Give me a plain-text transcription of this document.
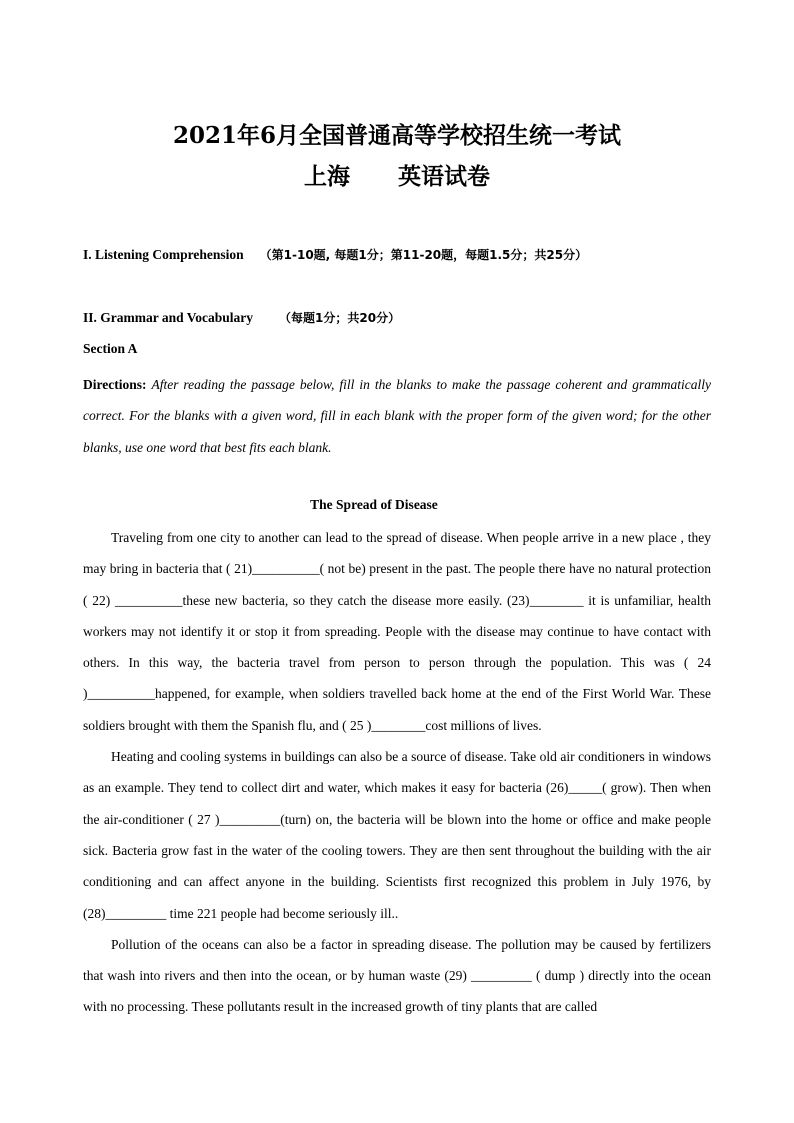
2021年6月全国普通高等学校招生统一考试
上海 英语试卷
I. Listening Comprehension （第1-10题, 每题1分；第11-20题，每题1.5分；共25分）
II. Grammar and Vocabulary （每题1分；共20分）
Section A

Directions: After reading the passage below, fill in the blanks to make the passage coherent and grammatically correct. For the blanks with a given word, fill in each blank with the proper form of the given word; for the other blanks, use one word that best fits each blank.

The Spread of Disease

Traveling from one city to another can lead to the spread of disease. When people arrive in a new place , they may bring in bacteria that ( 21)__________( not be) present in the past. The people there have no natural protection ( 22) __________these new bacteria, so they catch the disease more easily. (23)________ it is unfamiliar, health workers may not identify it or stop it from spreading. People with the disease may continue to have contact with others. In this way, the bacteria travel from person to person through the population. This was ( 24 )__________happened, for example, when soldiers travelled back home at the end of the First World War. These soldiers brought with them the Spanish flu, and ( 25 )________cost millions of lives.

Heating and cooling systems in buildings can also be a source of disease. Take old air conditioners in windows as an example. They tend to collect dirt and water, which makes it easy for bacteria (26)_____( grow). Then when the air-conditioner ( 27 )_________(turn) on, the bacteria will be blown into the home or office and make people sick. Bacteria grow fast in the water of the cooling towers. They are then sent throughout the building with the air conditioning and can affect anyone in the building. Scientists first recognized this problem in July 1976, by (28)_________ time 221 people had become seriously ill..

Pollution of the oceans can also be a factor in spreading disease. The pollution may be caused by fertilizers that wash into rivers and then into the ocean, or by human waste (29) _________ ( dump ) directly into the ocean with no processing. These pollutants result in the increased growth of tiny plants that are called
